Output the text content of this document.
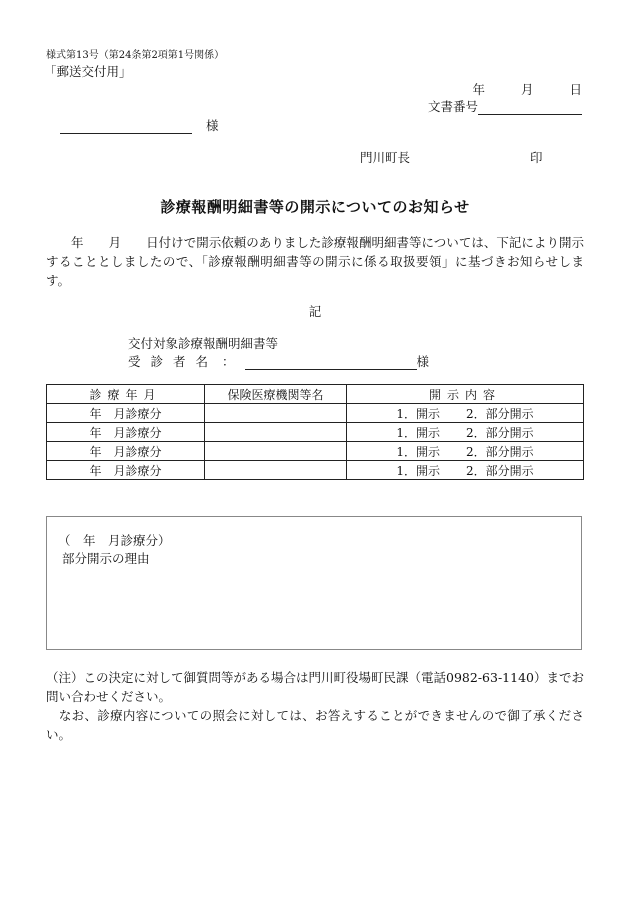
様式第13号（第24条第2項第1号関係）
「郵送交付用」
年	月	日
文書番号
様
門川町長	印
診療報酬明細書等の開示についてのお知らせ
　　年　　月　　日付けで開示依頼のありました診療報酬明細書等については、下記により開示することとしましたので、「診療報酬明細書等の開示に係る取扱要領」に基づきお知らせします。
記
交付対象診療報酬明細書等
受診者名 ：	様
診療年月	保険医療機関等名	開示内容
年　月診療分		1．開示 2．部分開示
年　月診療分		1．開示 2．部分開示
年　月診療分		1．開示 2．部分開示
年　月診療分		1．開示 2．部分開示
（　年　月診療分）
部分開示の理由

（注）この決定に対して御質問等がある場合は門川町役場町民課（電話0982-63-1140）までお問い合わせください。

　なお、診療内容についての照会に対しては、お答えすることができませんので御了承ください。
